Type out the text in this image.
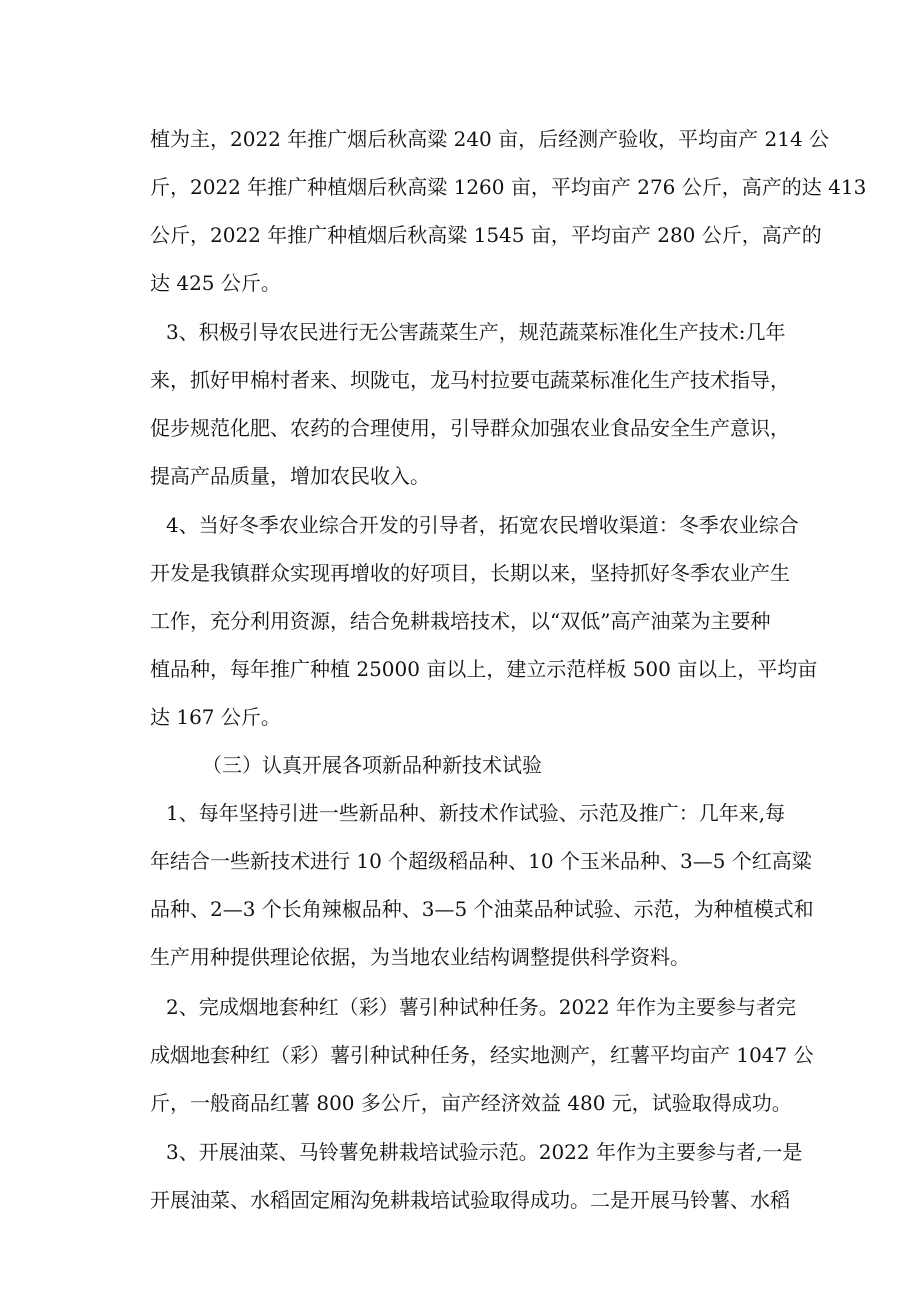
植为主，2022 年推广烟后秋高粱 240 亩，后经测产验收，平均亩产 214 公
斤，2022 年推广种植烟后秋高粱 1260 亩，平均亩产 276 公斤，高产的达 413
公斤，2022 年推广种植烟后秋高粱 1545 亩，平均亩产 280 公斤，高产的
达 425 公斤。
3、积极引导农民进行无公害蔬菜生产，规范蔬菜标准化生产技术:几年
来，抓好甲棉村者来、坝陇屯，龙马村拉要屯蔬菜标准化生产技术指导，
促步规范化肥、农药的合理使用，引导群众加强农业食品安全生产意识，
提高产品质量，增加农民收入。
4、当好冬季农业综合开发的引导者，拓宽农民增收渠道：冬季农业综合
开发是我镇群众实现再增收的好项目，长期以来，坚持抓好冬季农业产生
工作，充分利用资源，结合免耕栽培技术，以“双低”高产油菜为主要种
植品种，每年推广种植 25000 亩以上，建立示范样板 500 亩以上，平均亩
达 167 公斤。
（三）认真开展各项新品种新技术试验
1、每年坚持引进一些新品种、新技术作试验、示范及推广：几年来,每
年结合一些新技术进行 10 个超级稻品种、10 个玉米品种、3—5 个红高粱
品种、2—3 个长角辣椒品种、3—5 个油菜品种试验、示范，为种植模式和
生产用种提供理论依据，为当地农业结构调整提供科学资料。
2、完成烟地套种红（彩）薯引种试种任务。2022 年作为主要参与者完
成烟地套种红（彩）薯引种试种任务，经实地测产，红薯平均亩产 1047 公
斤，一般商品红薯 800 多公斤，亩产经济效益 480 元，试验取得成功。
3、开展油菜、马铃薯免耕栽培试验示范。2022 年作为主要参与者,一是
开展油菜、水稻固定厢沟免耕栽培试验取得成功。二是开展马铃薯、水稻
